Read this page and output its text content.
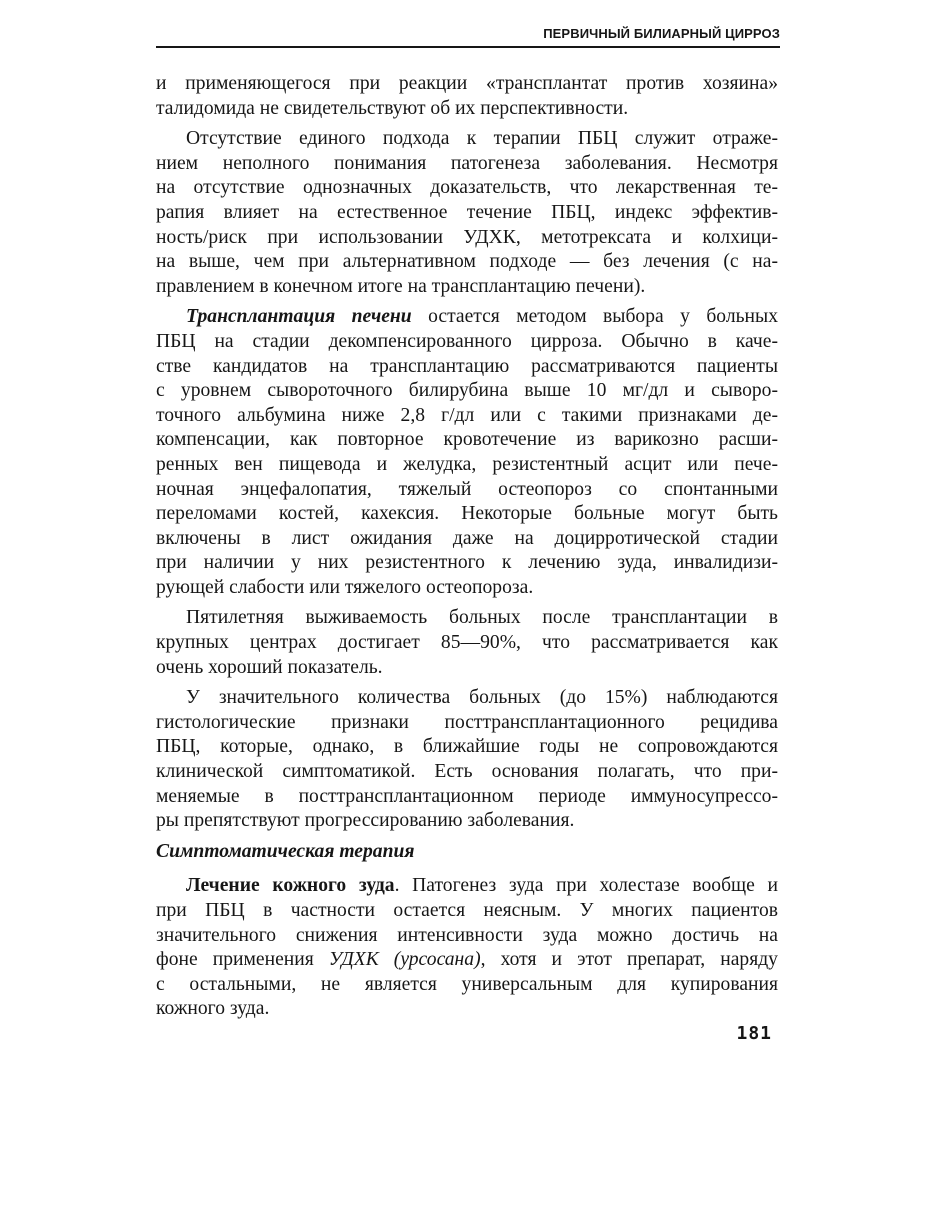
ПЕРВИЧНЫЙ БИЛИАРНЫЙ ЦИРРОЗ
и применяющегося при реакции «трансплантат против хозяина»
талидомида не свидетельствуют об их перспективности.
Отсутствие единого подхода к терапии ПБЦ служит отраже-
нием неполного понимания патогенеза заболевания. Несмотря
на отсутствие однозначных доказательств, что лекарственная те-
рапия влияет на естественное течение ПБЦ, индекс эффектив-
ность/риск при использовании УДХК, метотрексата и колхици-
на выше, чем при альтернативном подходе — без лечения (с на-
правлением в конечном итоге на трансплантацию печени).
Трансплантация печени остается методом выбора у больных
ПБЦ на стадии декомпенсированного цирроза. Обычно в каче-
стве кандидатов на трансплантацию рассматриваются пациенты
с уровнем сывороточного билирубина выше 10 мг/дл и сыворо-
точного альбумина ниже 2,8 г/дл или с такими признаками де-
компенсации, как повторное кровотечение из варикозно расши-
ренных вен пищевода и желудка, резистентный асцит или пече-
ночная энцефалопатия, тяжелый остеопороз со спонтанными
переломами костей, кахексия. Некоторые больные могут быть
включены в лист ожидания даже на доцирротической стадии
при наличии у них резистентного к лечению зуда, инвалидизи-
рующей слабости или тяжелого остеопороза.
Пятилетняя выживаемость больных после трансплантации в
крупных центрах достигает 85—90%, что рассматривается как
очень хороший показатель.
У значительного количества больных (до 15%) наблюдаются
гистологические признаки посттрансплантационного рецидива
ПБЦ, которые, однако, в ближайшие годы не сопровождаются
клинической симптоматикой. Есть основания полагать, что при-
меняемые в посттрансплантационном периоде иммуносупрессо-
ры препятствуют прогрессированию заболевания.
Симптоматическая терапия
Лечение кожного зуда. Патогенез зуда при холестазе вообще и
при ПБЦ в частности остается неясным. У многих пациентов
значительного снижения интенсивности зуда можно достичь на
фоне применения УДХК (урсосана), хотя и этот препарат, наряду
с остальными, не является универсальным для купирования
кожного зуда.
181
